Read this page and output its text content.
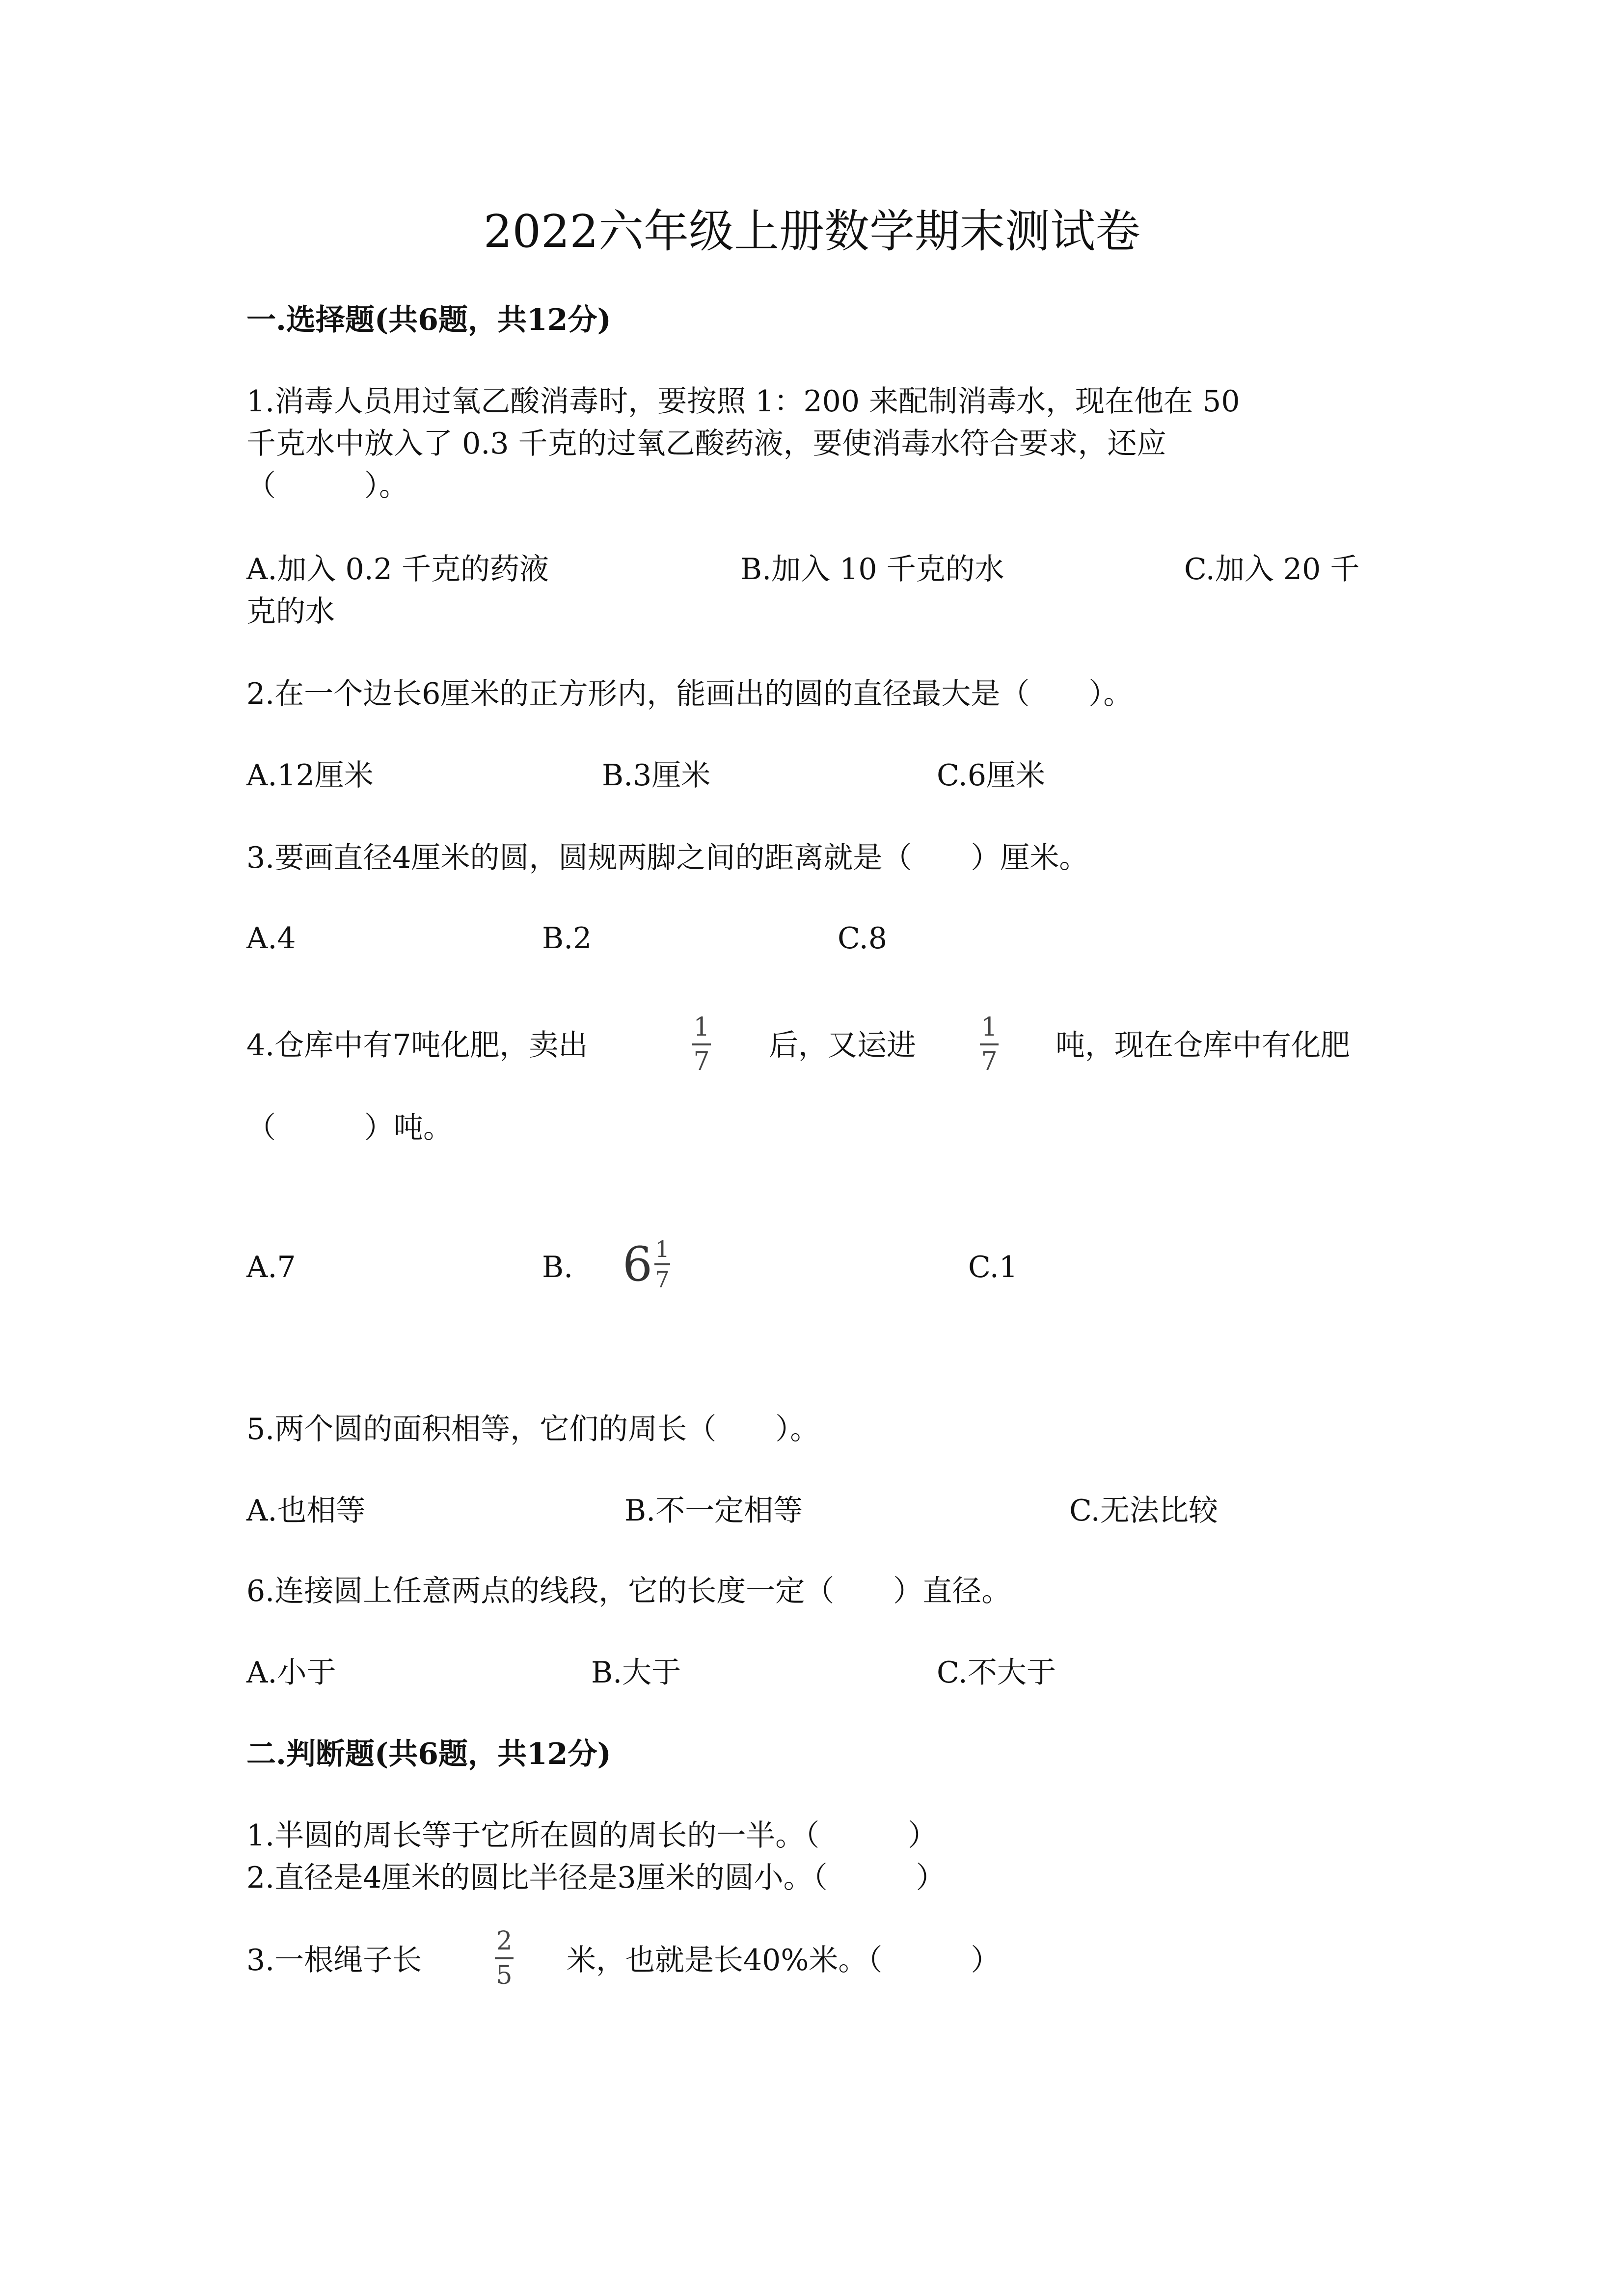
2022六年级上册数学期末测试卷
一.选择题(共6题，共12分)
1.消毒人员用过氧乙酸消毒时，要按照 1：200 来配制消毒水，现在他在 50
千克水中放入了 0.3 千克的过氧乙酸药液，要使消毒水符合要求，还应
（　　　）。
A.加入 0.2 千克的药液	B.加入 10 千克的水	C.加入 20 千
克的水
2.在一个边长6厘米的正方形内，能画出的圆的直径最大是（　　）。
A.12厘米	B.3厘米	C.6厘米
3.要画直径4厘米的圆，圆规两脚之间的距离就是（　　）厘米。
A.4	B.2	C.8
4.仓库中有7吨化肥，卖出
1
7 后，又运进
1
7 吨，现在仓库中有化肥
（　　　）吨。
A.7	B. $6 \frac{1}{7}$	C.1
5.两个圆的面积相等，它们的周长（　　）。
A.也相等	B.不一定相等	C.无法比较
6.连接圆上任意两点的线段，它的长度一定（　　）直径。
A.小于	B.大于	C.不大于
二.判断题(共6题，共12分)
1.半圆的周长等于它所在圆的周长的一半。（　　　）
2.直径是4厘米的圆比半径是3厘米的圆小。（　　　）
3.一根绳子长
2
5 米，也就是长40%米。（　　　）
